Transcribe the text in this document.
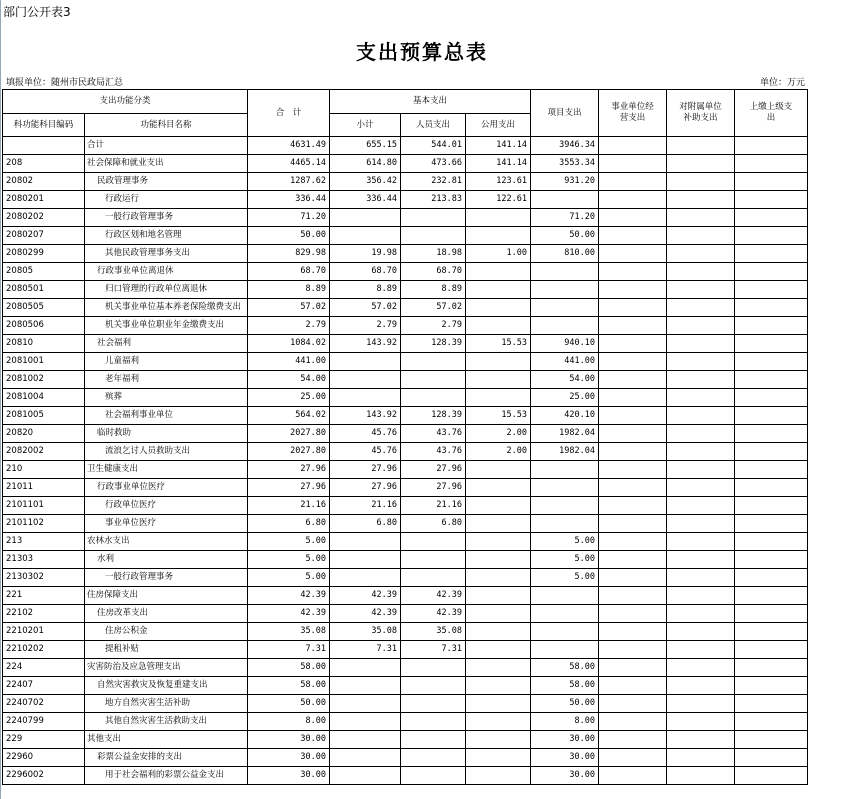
部门公开表3
支出预算总表
填报单位：随州市民政局汇总	单位：万元
支出功能分类		合　计	基本支出			项目支出	事业单位经营支出	对附属单位补助支出	上缴上级支出
科功能科目编码	功能科目名称		小计	人员支出	公用支出				
	合计	4631.49	655.15	544.01	141.14	3946.34			
208	社会保障和就业支出	4465.14	614.80	473.66	141.14	3553.34			
20802	民政管理事务	1287.62	356.42	232.81	123.61	931.20			
2080201	行政运行	336.44	336.44	213.83	122.61				
2080202	一般行政管理事务	71.20				71.20			
2080207	行政区划和地名管理	50.00				50.00			
2080299	其他民政管理事务支出	829.98	19.98	18.98	1.00	810.00			
20805	行政事业单位离退休	68.70	68.70	68.70					
2080501	归口管理的行政单位离退休	8.89	8.89	8.89					
2080505	机关事业单位基本养老保险缴费支出	57.02	57.02	57.02					
2080506	机关事业单位职业年金缴费支出	2.79	2.79	2.79					
20810	社会福利	1084.02	143.92	128.39	15.53	940.10			
2081001	儿童福利	441.00				441.00			
2081002	老年福利	54.00				54.00			
2081004	殡葬	25.00				25.00			
2081005	社会福利事业单位	564.02	143.92	128.39	15.53	420.10			
20820	临时救助	2027.80	45.76	43.76	2.00	1982.04			
2082002	流浪乞讨人员救助支出	2027.80	45.76	43.76	2.00	1982.04			
210	卫生健康支出	27.96	27.96	27.96					
21011	行政事业单位医疗	27.96	27.96	27.96					
2101101	行政单位医疗	21.16	21.16	21.16					
2101102	事业单位医疗	6.80	6.80	6.80					
213	农林水支出	5.00				5.00			
21303	水利	5.00				5.00			
2130302	一般行政管理事务	5.00				5.00			
221	住房保障支出	42.39	42.39	42.39					
22102	住房改革支出	42.39	42.39	42.39					
2210201	住房公积金	35.08	35.08	35.08					
2210202	提租补贴	7.31	7.31	7.31					
224	灾害防治及应急管理支出	58.00				58.00			
22407	自然灾害救灾及恢复重建支出	58.00				58.00			
2240702	地方自然灾害生活补助	50.00				50.00			
2240799	其他自然灾害生活救助支出	8.00				8.00			
229	其他支出	30.00				30.00			
22960	彩票公益金安排的支出	30.00				30.00			
2296002	用于社会福利的彩票公益金支出	30.00				30.00			
